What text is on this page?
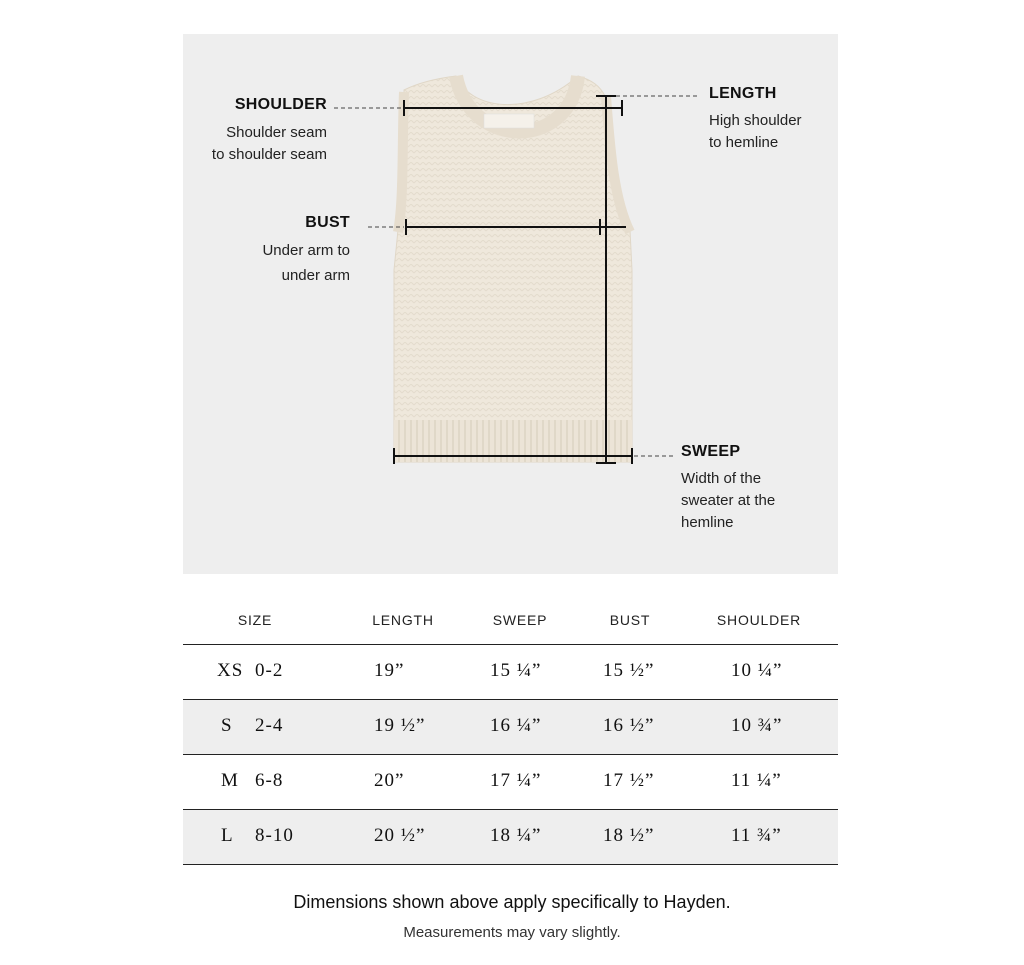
SHOULDER
Shoulder seam
to shoulder seam
BUST
Under arm to
under arm
LENGTH
High shoulder
to hemline
SWEEP
Width of the
sweater at the
hemline
SIZE	LENGTH	SWEEP	BUST	SHOULDER
XS 0-2	19”	15 ¼”	15 ½”	10 ¼”
S 2-4	19 ½”	16 ¼”	16 ½”	10 ¾”
M 6-8	20”	17 ¼”	17 ½”	11 ¼”
L 8-10	20 ½”	18 ¼”	18 ½”	11 ¾”
Dimensions shown above apply specifically to Hayden.
Measurements may vary slightly.
